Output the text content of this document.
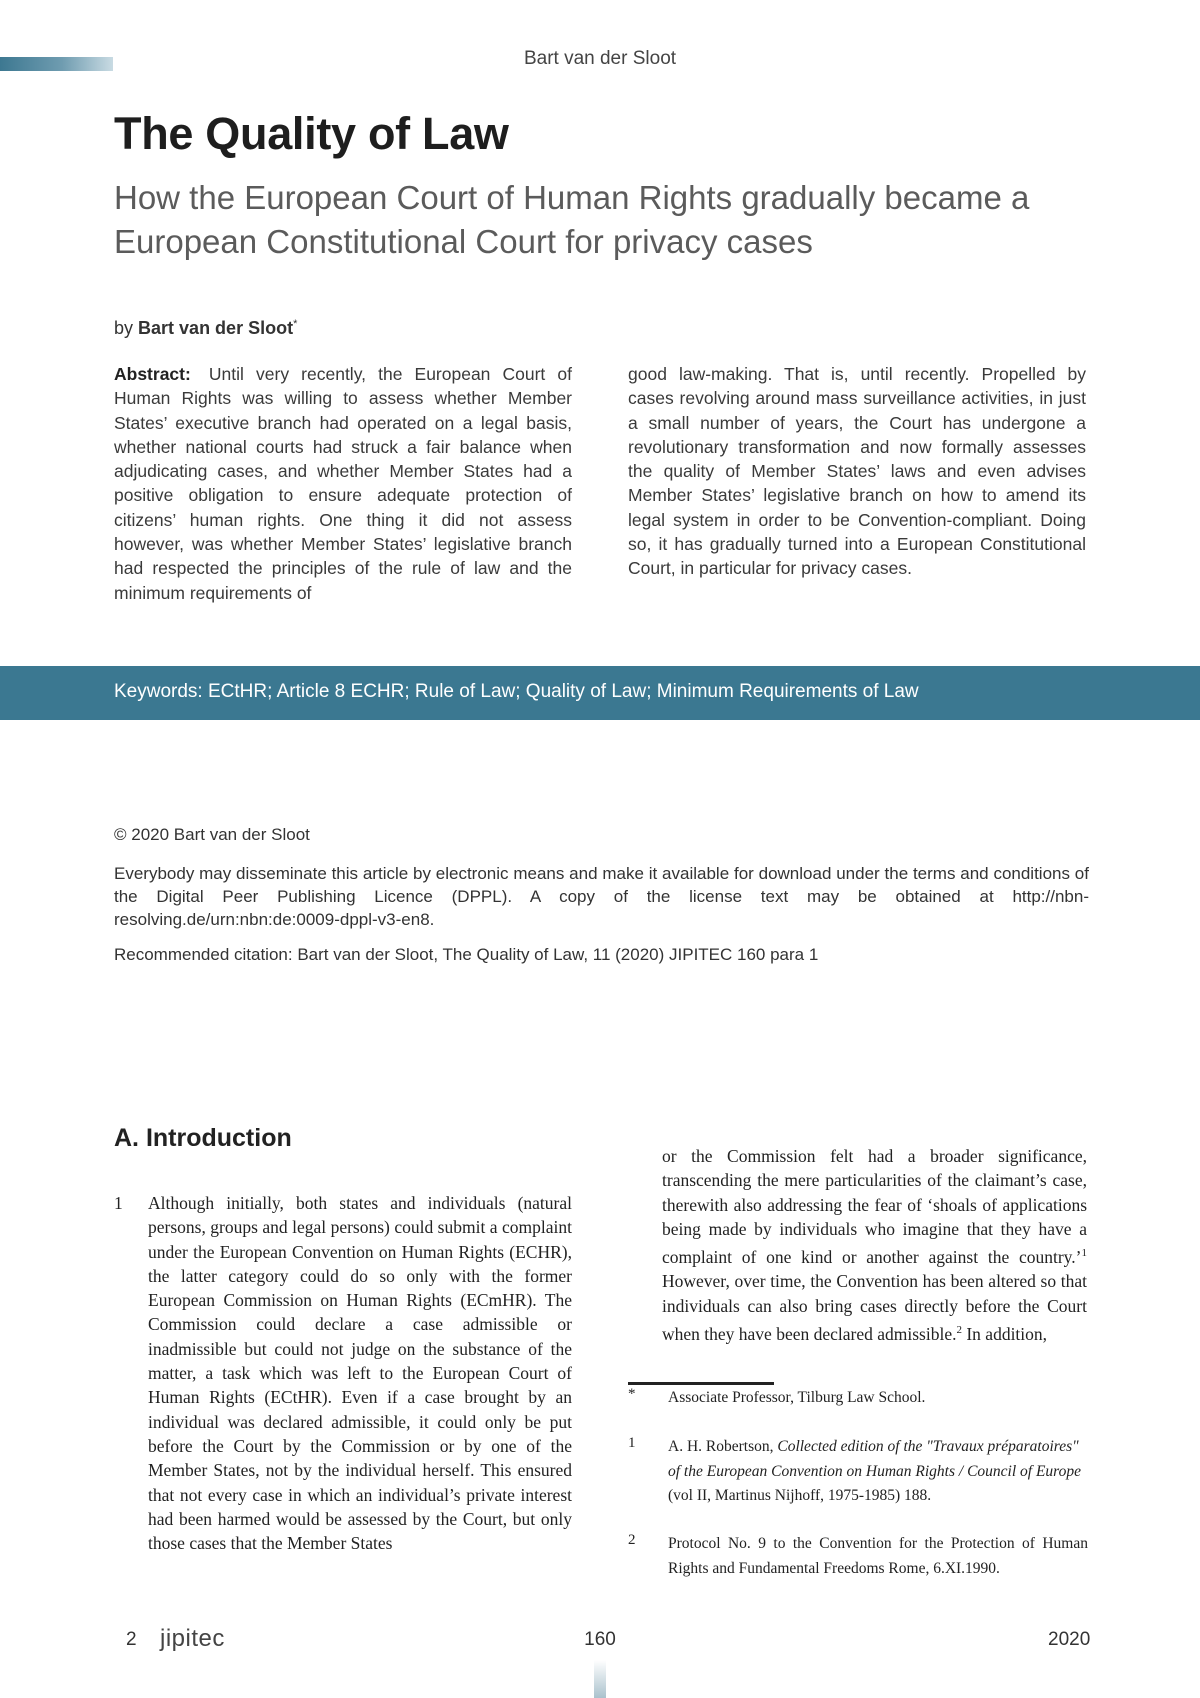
Bart van der Sloot
The Quality of Law
How the European Court of Human Rights gradually became a European Constitutional Court for privacy cases
by Bart van der Sloot*
Abstract: Until very recently, the European Court of Human Rights was willing to assess whether Member States’ executive branch had operated on a legal basis, whether national courts had struck a fair balance when adjudicating cases, and whether Member States had a positive obligation to ensure adequate protection of citizens’ human rights. One thing it did not assess however, was whether Member States’ legislative branch had respected the principles of the rule of law and the minimum requirements of
good law-making. That is, until recently. Propelled by cases revolving around mass surveillance activities, in just a small number of years, the Court has undergone a revolutionary transformation and now formally assesses the quality of Member States’ laws and even advises Member States’ legislative branch on how to amend its legal system in order to be Convention-compliant. Doing so, it has gradually turned into a European Constitutional Court, in particular for privacy cases.
Keywords: ECtHR; Article 8 ECHR; Rule of Law; Quality of Law; Minimum Requirements of Law
© 2020 Bart van der Sloot
Everybody may disseminate this article by electronic means and make it available for download under the terms and conditions of the Digital Peer Publishing Licence (DPPL). A copy of the license text may be obtained at http://nbn-resolving.de/urn:nbn:de:0009-dppl-v3-en8.
Recommended citation: Bart van der Sloot, The Quality of Law, 11 (2020) JIPITEC 160 para 1
A. Introduction
1 Although initially, both states and individuals (natural persons, groups and legal persons) could submit a complaint under the European Convention on Human Rights (ECHR), the latter category could do so only with the former European Commission on Human Rights (ECmHR). The Commission could declare a case admissible or inadmissible but could not judge on the substance of the matter, a task which was left to the European Court of Human Rights (ECtHR). Even if a case brought by an individual was declared admissible, it could only be put before the Court by the Commission or by one of the Member States, not by the individual herself. This ensured that not every case in which an individual’s private interest had been harmed would be assessed by the Court, but only those cases that the Member States
or the Commission felt had a broader significance, transcending the mere particularities of the claimant’s case, therewith also addressing the fear of ‘shoals of applications being made by individuals who imagine that they have a complaint of one kind or another against the country.’$^1$ However, over time, the Convention has been altered so that individuals can also bring cases directly before the Court when they have been declared admissible.$^2$ In addition,
* Associate Professor, Tilburg Law School.
1 A. H. Robertson, Collected edition of the "Travaux préparatoires" of the European Convention on Human Rights / Council of Europe (vol II, Martinus Nijhoff, 1975-1985) 188.
2 Protocol No. 9 to the Convention for the Protection of Human Rights and Fundamental Freedoms Rome, 6.XI.1990.
2 jipitec	160	2020
